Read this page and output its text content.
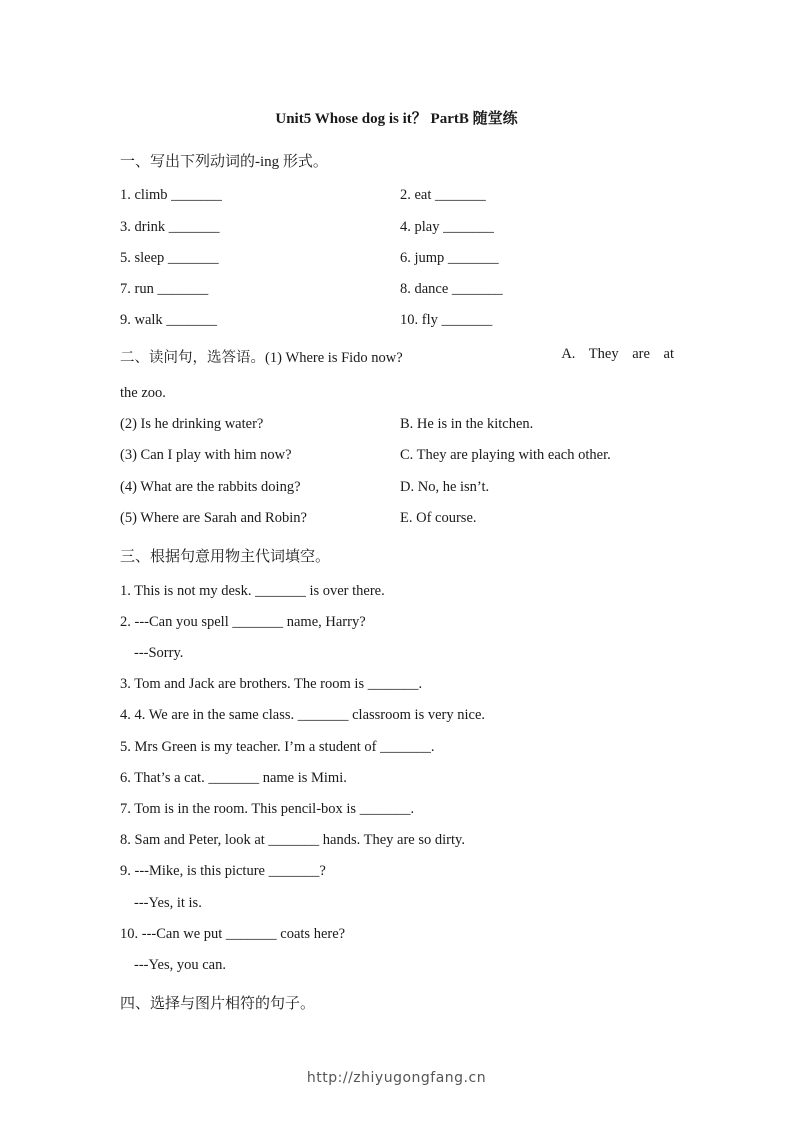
Unit5 Whose dog is it？ PartB 随堂练
一、写出下列动词的-ing 形式。
1. climb _______	2. eat _______
3. drink _______	4. play _______
5. sleep _______	6. jump _______
7. run _______	8. dance _______
9. walk _______	10. fly _______
二、读问句，选答语。(1) Where is Fido now?	A. They are at
the zoo.
(2) Is he drinking water?	B. He is in the kitchen.
(3) Can I play with him now?	C. They are playing with each other.
(4) What are the rabbits doing?	D. No, he isn’t.
(5) Where are Sarah and Robin?	E. Of course.
三、根据句意用物主代词填空。
1. This is not my desk. _______ is over there.
2. ---Can you spell _______ name, Harry?
---Sorry.
3. Tom and Jack are brothers. The room is _______.
4. 4. We are in the same class. _______ classroom is very nice.
5. Mrs Green is my teacher. I’m a student of _______.
6. That’s a cat. _______ name is Mimi.
7. Tom is in the room. This pencil-box is _______.
8. Sam and Peter, look at _______ hands. They are so dirty.
9. ---Mike, is this picture _______?
---Yes, it is.
10. ---Can we put _______ coats here?
---Yes, you can.
四、选择与图片相符的句子。
http://zhiyugongfang.cn
